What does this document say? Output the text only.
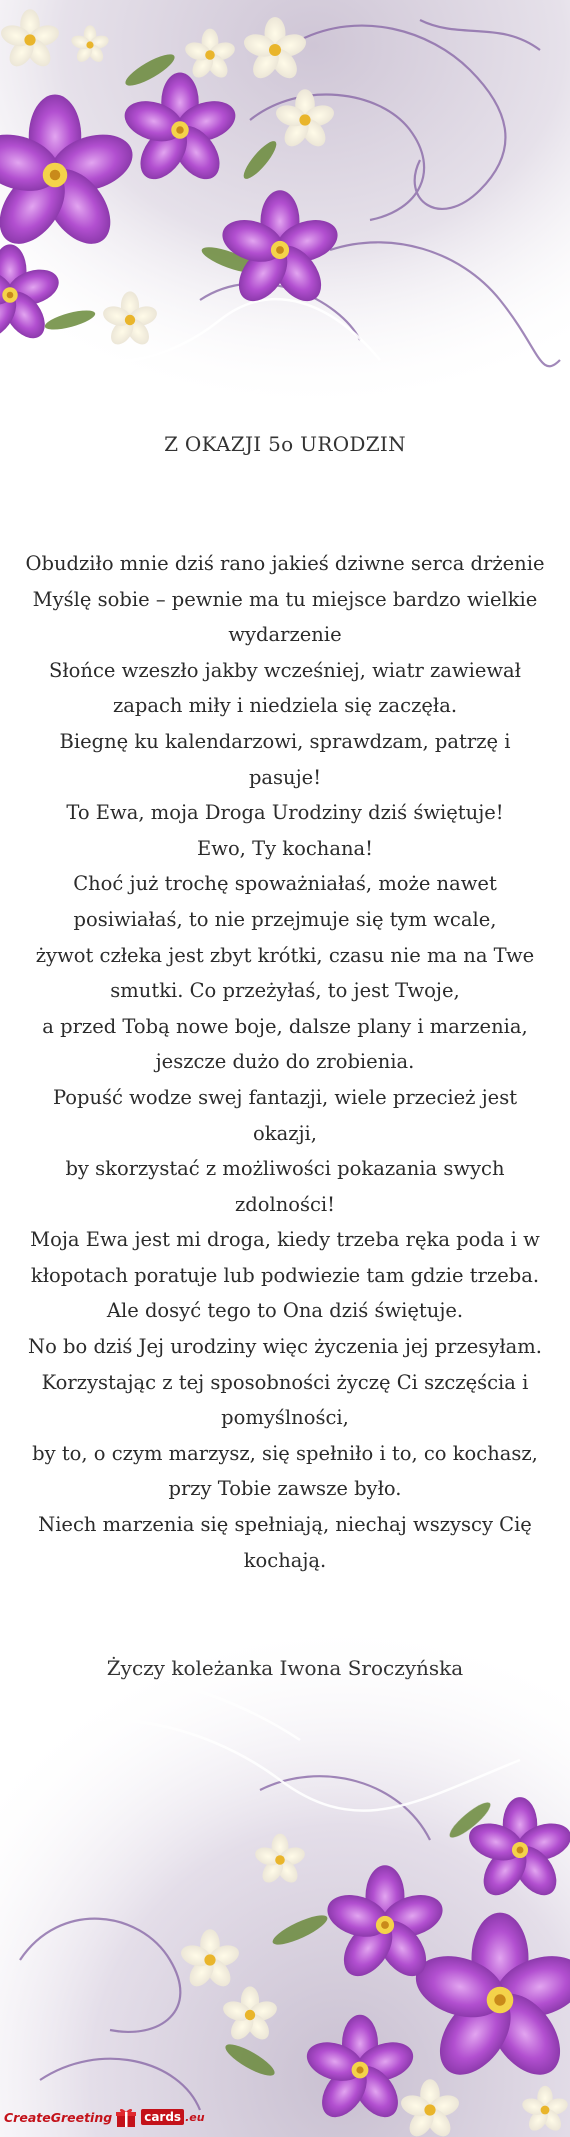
Z OKAZJI 5o URODZIN
Obudziło mnie dziś rano jakieś dziwne serca drżenie
Myślę sobie – pewnie ma tu miejsce bardzo wielkie
wydarzenie
Słońce wzeszło jakby wcześniej, wiatr zawiewał
zapach miły i niedziela się zaczęła.
Biegnę ku kalendarzowi, sprawdzam, patrzę i
pasuje!
To Ewa, moja Droga Urodziny dziś świętuje!
Ewo, Ty kochana!
Choć już trochę spoważniałaś, może nawet
posiwiałaś, to nie przejmuje się tym wcale,
żywot człeka jest zbyt krótki, czasu nie ma na Twe
smutki. Co przeżyłaś, to jest Twoje,
a przed Tobą nowe boje, dalsze plany i marzenia,
jeszcze dużo do zrobienia.
Popuść wodze swej fantazji, wiele przecież jest okazji,
by skorzystać z możliwości pokazania swych
zdolności!
Moja Ewa jest mi droga, kiedy trzeba ręka poda i w
kłopotach poratuje lub podwiezie tam gdzie trzeba.
Ale dosyć tego to Ona dziś świętuje.
No bo dziś Jej urodziny więc życzenia jej przesyłam.
Korzystając z tej sposobności życzę Ci szczęścia i
pomyślności,
by to, o czym marzysz, się spełniło i to, co kochasz,
przy Tobie zawsze było.
Niech marzenia się spełniają, niechaj wszyscy Cię
kochają.
Życzy koleżanka Iwona Sroczyńska
CreateGreeting	cards .eu
